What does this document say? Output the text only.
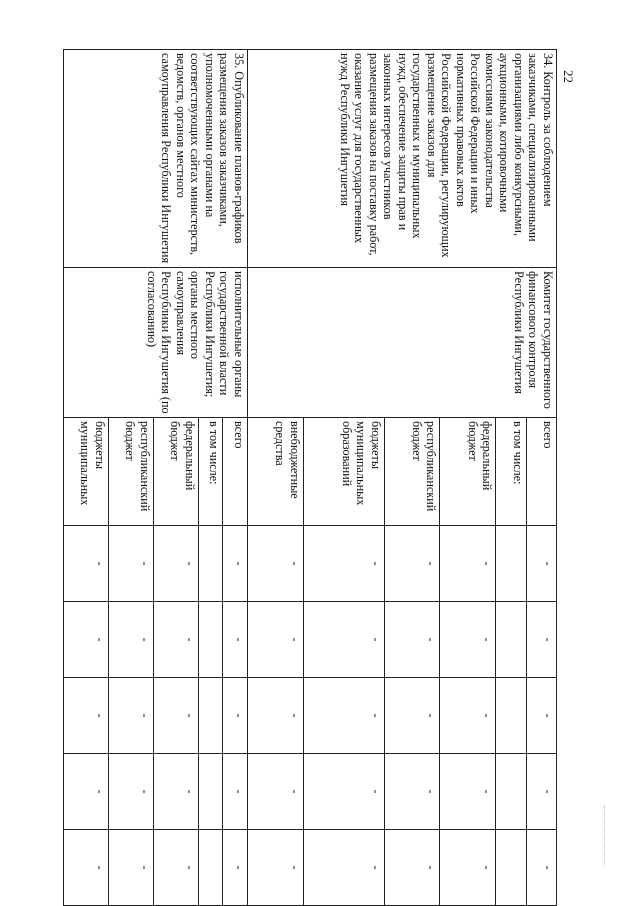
34. Контроль за соблюдением заказчиками, специализированными организациями либо конкурсными, аукционными, котировочными комиссиями законодательства Российской Федерации и иных нормативных правовых актов Российской Федерации, регулирующих размещение заказов для государственных и муниципальных нужд, обеспечение защиты прав и законных интересов участников размещения заказов на поставку работ, оказание услуг для государственных нужд Республики Ингушетия	Комитет государственного финансового контроля Республики Ингушетия	всего	-	-	-	-	-
		в том числе:					
		федеральный бюджет	-	-	-	-	-
		республиканский бюджет	-	-	-	-	-
		бюджеты муниципальных образований	-	-	-	-	-
		внебюджетные средства	-	-	-	-	-
35. Опубликование планов-графиков размещения заказов заказчиками, уполномоченными органами на соответствующих сайтах министерств, ведомств, органов местного самоуправления Республики Ингушетия	исполнительные органы государственной власти Республики Ингушетия; органы местного самоуправления Республики Ингушетия (по согласованию)	всего	-	-	-	-	-
		в том числе:					
		федеральный бюджет	-	-	-	-	-
		республиканский бюджет	-	-	-	-	-
		бюджеты муниципальных	-	-	-	-	-
22
